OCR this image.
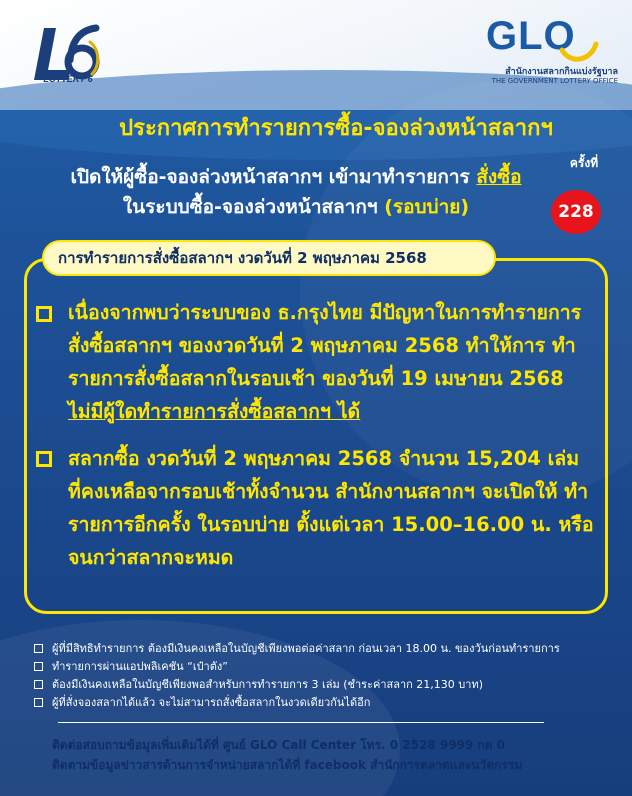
LOTTERY 6
GLO
สำนักงานสลากกินแบ่งรัฐบาล
THE GOVERNMENT LOTTERY OFFICE
ประกาศการทำรายการซื้อ-จองล่วงหน้าสลากฯ
เปิดให้ผู้ซื้อ-จองล่วงหน้าสลากฯ เข้ามาทำรายการ สั่งซื้อ
ในระบบซื้อ-จองล่วงหน้าสลากฯ (รอบบ่าย)
ครั้งที่
228
การทำรายการสั่งซื้อสลากฯ งวดวันที่ 2 พฤษภาคม 2568
เนื่องจากพบว่าระบบของ ธ.กรุงไทย มีปัญหาในการทำรายการ สั่งซื้อสลากฯ ของงวดวันที่ 2 พฤษภาคม 2568 ทำให้การ ทำรายการสั่งซื้อสลากในรอบเช้า ของวันที่ 19 เมษายน 2568 ไม่มีผู้ใดทำรายการสั่งซื้อสลากฯ ได้
สลากซื้อ งวดวันที่ 2 พฤษภาคม 2568 จำนวน 15,204 เล่ม ที่คงเหลือจากรอบเช้าทั้งจำนวน สำนักงานสลากฯ จะเปิดให้ ทำรายการอีกครั้ง ในรอบบ่าย ตั้งแต่เวลา 15.00–16.00 น. หรือจนกว่าสลากจะหมด
ผู้ที่มีสิทธิทำรายการ ต้องมีเงินคงเหลือในบัญชีเพียงพอต่อค่าสลาก ก่อนเวลา 18.00 น. ของวันก่อนทำรายการ
ทำรายการผ่านแอปพลิเคชัน “เป๋าตัง”
ต้องมีเงินคงเหลือในบัญชีเพียงพอสำหรับการทำรายการ 3 เล่ม (ชำระค่าสลาก 21,130 บาท)
ผู้ที่สั่งจองสลากได้แล้ว จะไม่สามารถสั่งซื้อสลากในงวดเดียวกันได้อีก
ติดต่อสอบถามข้อมูลเพิ่มเติมได้ที่ ศูนย์ GLO Call Center โทร. 0 2528 9999 กด 0
ติดตามข้อมูลข่าวสารด้านการจำหน่ายสลากได้ที่ facebook สำนักการตลาดและนวัตกรรม
